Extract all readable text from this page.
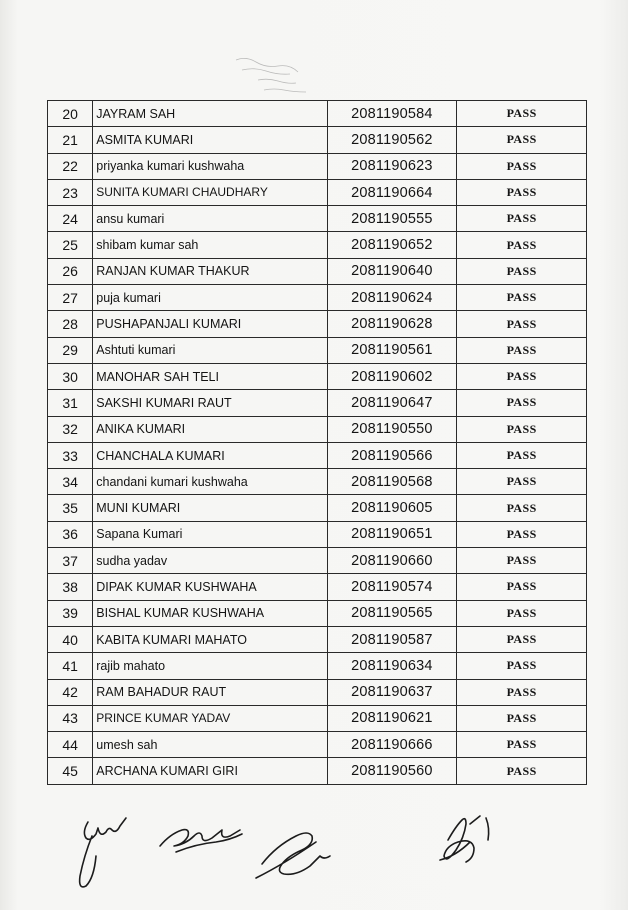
20	JAYRAM SAH	2081190584	PASS
21	ASMITA KUMARI	2081190562	PASS
22	priyanka kumari kushwaha	2081190623	PASS
23	SUNITA KUMARI CHAUDHARY	2081190664	PASS
24	ansu kumari	2081190555	PASS
25	shibam kumar sah	2081190652	PASS
26	RANJAN KUMAR THAKUR	2081190640	PASS
27	puja kumari	2081190624	PASS
28	PUSHAPANJALI KUMARI	2081190628	PASS
29	Ashtuti kumari	2081190561	PASS
30	MANOHAR SAH TELI	2081190602	PASS
31	SAKSHI KUMARI RAUT	2081190647	PASS
32	ANIKA KUMARI	2081190550	PASS
33	CHANCHALA KUMARI	2081190566	PASS
34	chandani kumari kushwaha	2081190568	PASS
35	MUNI KUMARI	2081190605	PASS
36	Sapana Kumari	2081190651	PASS
37	sudha yadav	2081190660	PASS
38	DIPAK KUMAR KUSHWAHA	2081190574	PASS
39	BISHAL KUMAR KUSHWAHA	2081190565	PASS
40	KABITA KUMARI MAHATO	2081190587	PASS
41	rajib mahato	2081190634	PASS
42	RAM BAHADUR RAUT	2081190637	PASS
43	PRINCE KUMAR YADAV	2081190621	PASS
44	umesh sah	2081190666	PASS
45	ARCHANA KUMARI GIRI	2081190560	PASS
